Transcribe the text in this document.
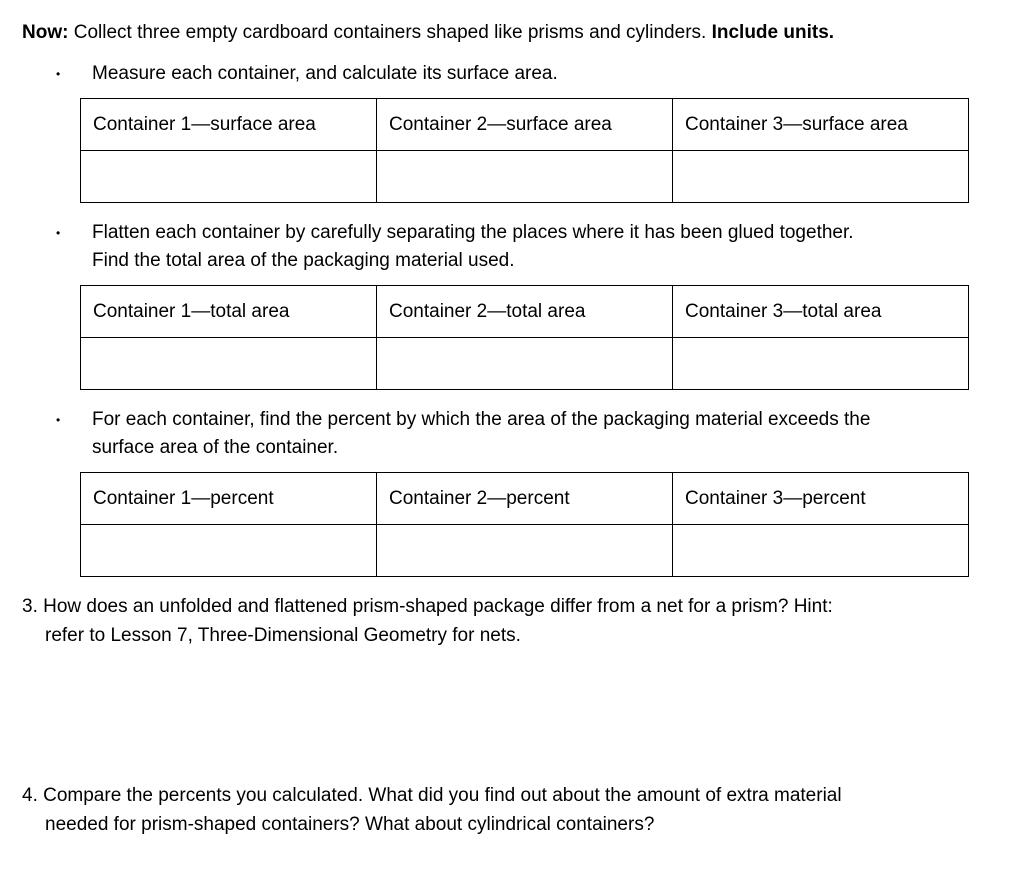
Now: Collect three empty cardboard containers shaped like prisms and cylinders. Include units.
• Measure each container, and calculate its surface area.
Container 1—surface area	Container 2—surface area	Container 3—surface area

• Flatten each container by carefully separating the places where it has been glued together.
Find the total area of the packaging material used.
Container 1—total area	Container 2—total area	Container 3—total area

• For each container, find the percent by which the area of the packaging material exceeds the
surface area of the container.
Container 1—percent	Container 2—percent	Container 3—percent

3. How does an unfolded and flattened prism-shaped package differ from a net for a prism? Hint:
refer to Lesson 7, Three-Dimensional Geometry for nets.
4. Compare the percents you calculated. What did you find out about the amount of extra material
needed for prism-shaped containers? What about cylindrical containers?
